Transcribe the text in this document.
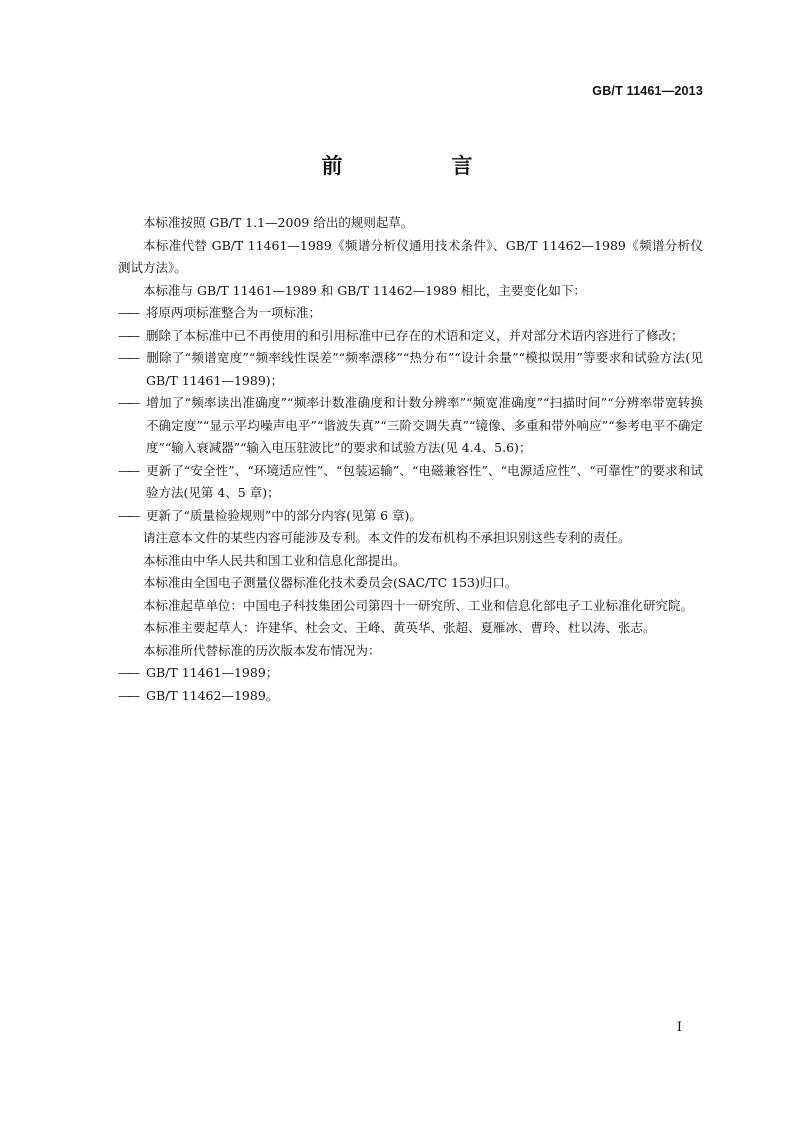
GB/T 11461—2013
前　言

本标准按照 GB/T 1.1—2009 给出的规则起草。

本标准代替 GB/T 11461—1989《频谱分析仪通用技术条件》、GB/T 11462—1989《频谱分析仪测试方法》。

本标准与 GB/T 11461—1989 和 GB/T 11462—1989 相比，主要变化如下：

—— 将原两项标准整合为一项标准；

—— 删除了本标准中已不再使用的和引用标准中已存在的术语和定义，并对部分术语内容进行了修改；

—— 删除了“频谱宽度”“频率线性误差”“频率漂移”“热分布”“设计余量”“模拟误用”等要求和试验方法(见 GB/T 11461—1989)；

—— 增加了“频率读出准确度”“频率计数准确度和计数分辨率”“频宽准确度”“扫描时间”“分辨率带宽转换不确定度”“显示平均噪声电平”“谐波失真”“三阶交调失真”“镜像、多重和带外响应”“参考电平不确定度”“输入衰减器”“输入电压驻波比”的要求和试验方法(见 4.4、5.6)；

—— 更新了“安全性”、“环境适应性”、“包装运输”、“电磁兼容性”、“电源适应性”、“可靠性”的要求和试验方法(见第 4、5 章)；

—— 更新了“质量检验规则”中的部分内容(见第 6 章)。

请注意本文件的某些内容可能涉及专利。本文件的发布机构不承担识别这些专利的责任。

本标准由中华人民共和国工业和信息化部提出。

本标准由全国电子测量仪器标准化技术委员会(SAC/TC 153)归口。

本标准起草单位：中国电子科技集团公司第四十一研究所、工业和信息化部电子工业标准化研究院。

本标准主要起草人：许建华、杜会文、王峰、黄英华、张超、夏雁冰、曹玲、杜以涛、张志。

本标准所代替标准的历次版本发布情况为：

—— GB/T 11461—1989；

—— GB/T 11462—1989。

I
